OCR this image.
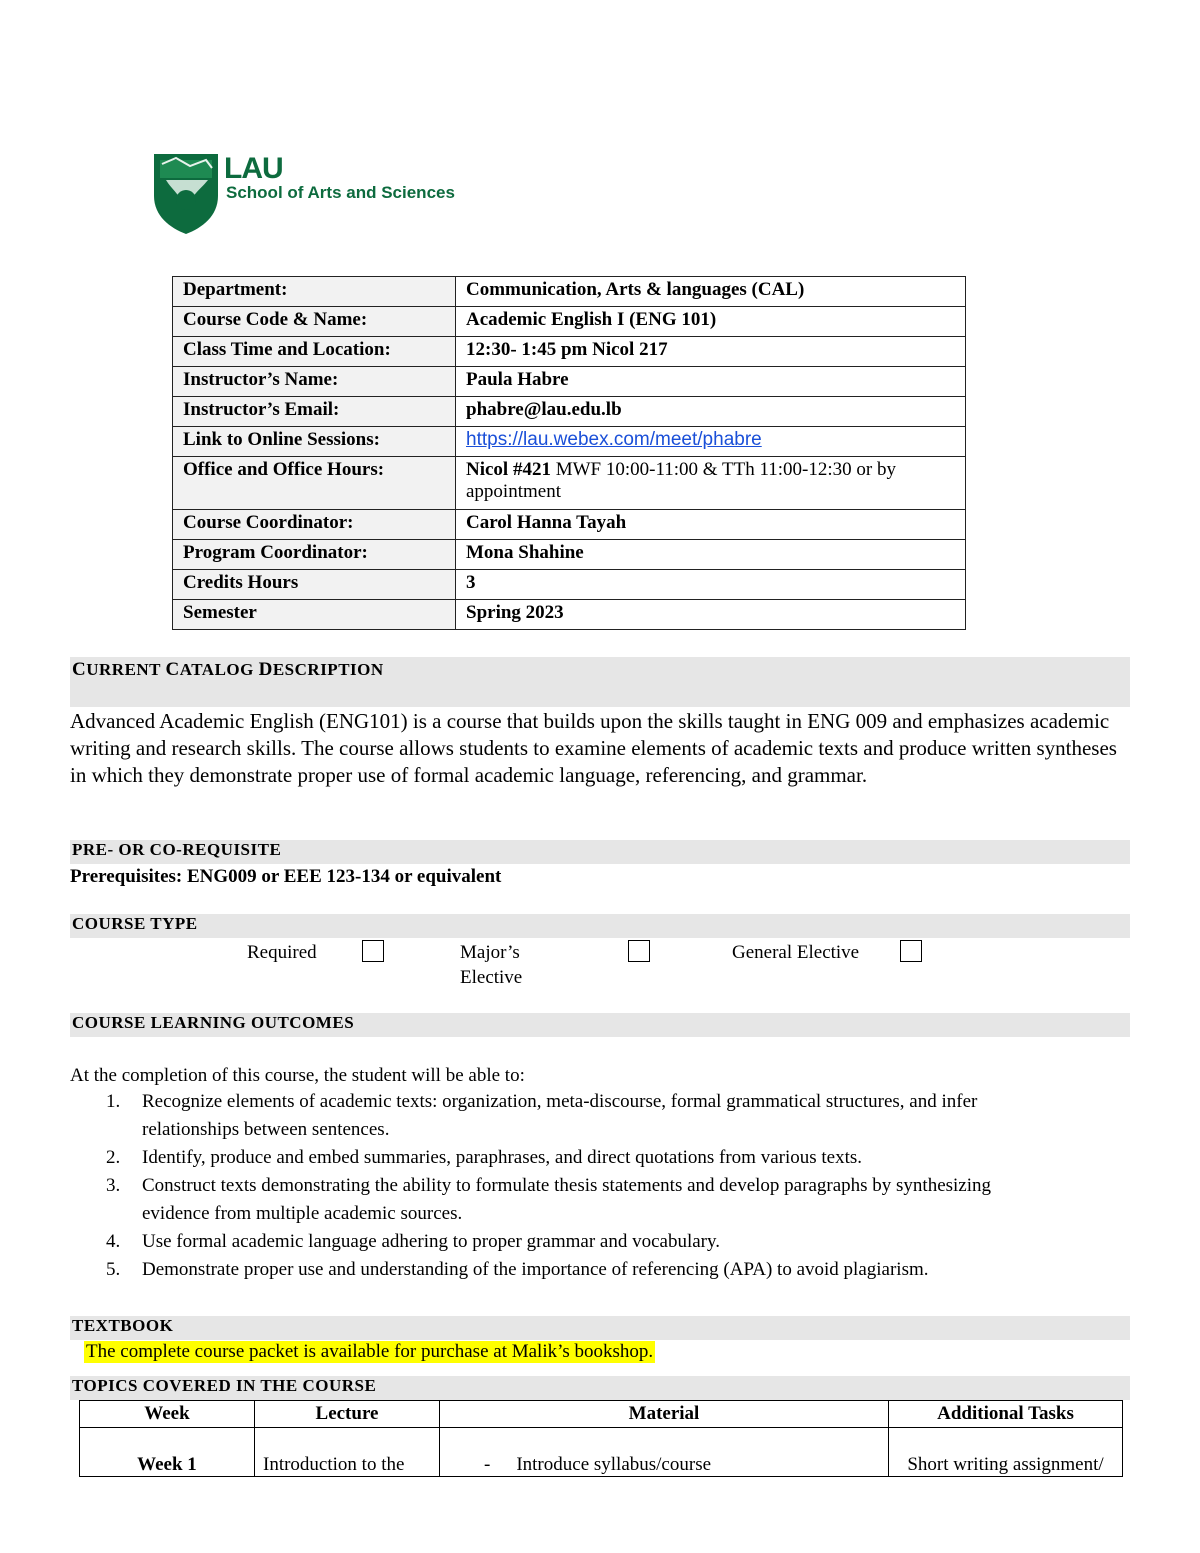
LAU
School of Arts and Sciences
Department:	Communication, Arts & languages (CAL)
Course Code & Name:	Academic English I (ENG 101)
Class Time and Location:	12:30- 1:45 pm Nicol 217
Instructor’s Name:	Paula Habre
Instructor’s Email:	phabre@lau.edu.lb
Link to Online Sessions:	https://lau.webex.com/meet/phabre
Office and Office Hours:	Nicol #421 MWF 10:00-11:00 & TTh 11:00-12:30 or by appointment
Course Coordinator:	Carol Hanna Tayah
Program Coordinator:	Mona Shahine
Credits Hours	3
Semester	Spring 2023
CURRENT CATALOG DESCRIPTION
Advanced Academic English (ENG101) is a course that builds upon the skills taught in ENG 009 and emphasizes academic writing and research skills. The course allows students to examine elements of academic texts and produce written syntheses in which they demonstrate proper use of formal academic language, referencing, and grammar.
PRE- OR CO-REQUISITE
Prerequisites: ENG009 or EEE 123-134 or equivalent
COURSE TYPE
Required	Major’s
Elective
General Elective
COURSE LEARNING OUTCOMES
At the completion of this course, the student will be able to:
1. Recognize elements of academic texts: organization, meta-discourse, formal grammatical structures, and infer
relationships between sentences.
2. Identify, produce and embed summaries, paraphrases, and direct quotations from various texts.
3. Construct texts demonstrating the ability to formulate thesis statements and develop paragraphs by synthesizing
evidence from multiple academic sources.
4. Use formal academic language adhering to proper grammar and vocabulary.
5. Demonstrate proper use and understanding of the importance of referencing (APA) to avoid plagiarism.
TEXTBOOK
The complete course packet is available for purchase at Malik’s bookshop.
TOPICS COVERED IN THE COURSE
Week	Lecture	Material	Additional Tasks
Week 1	Introduction to the	- Introduce syllabus/course	Short writing assignment/
